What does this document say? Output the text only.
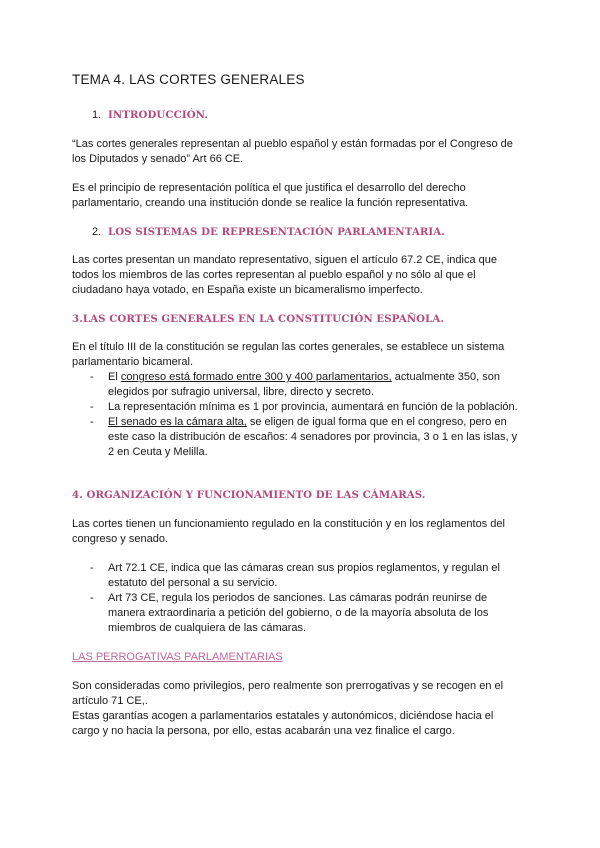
TEMA 4. LAS CORTES GENERALES
1. INTRODUCCIÓN.
“Las cortes generales representan al pueblo español y están formadas por el Congreso de
los Diputados y senado” Art 66 CE.
Es el principio de representación política el que justifica el desarrollo del derecho
parlamentario, creando una institución donde se realice la función representativa.
2. LOS SISTEMAS DE REPRESENTACIÓN PARLAMENTARIA.
Las cortes presentan un mandato representativo, siguen el artículo 67.2 CE, indica que
todos los miembros de las cortes representan al pueblo español y no sólo al que el
ciudadano haya votado, en España existe un bicameralismo imperfecto.
3.LAS CORTES GENERALES EN LA CONSTITUCIÓN ESPAÑOLA.
En el título III de la constitución se regulan las cortes generales, se establece un sistema
parlamentario bicameral.
- El congreso está formado entre 300 y 400 parlamentarios, actualmente 350, son
elegidos por sufragio universal, libre, directo y secreto.
- La representación mínima es 1 por provincia, aumentará en función de la población.
- El senado es la cámara alta, se eligen de igual forma que en el congreso, pero en
este caso la distribución de escaños: 4 senadores por provincia, 3 o 1 en las islas, y
2 en Ceuta y Melilla.
4. ORGANIZACIÓN Y FUNCIONAMIENTO DE LAS CÁMARAS.
Las cortes tienen un funcionamiento regulado en la constitución y en los reglamentos del
congreso y senado.
- Art 72.1 CE, indica que las cámaras crean sus propios reglamentos, y regulan el
estatuto del personal a su servicio.
- Art 73 CE, regula los periodos de sanciones. Las cámaras podrán reunirse de
manera extraordinaria a petición del gobierno, o de la mayoría absoluta de los
miembros de cualquiera de las cámaras.
LAS PERROGATIVAS PARLAMENTARIAS
Son consideradas como privilegios, pero realmente son prerrogativas y se recogen en el
artículo 71 CE,.
Estas garantías acogen a parlamentarios estatales y autonómicos, diciéndose hacia el
cargo y no hacia la persona, por ello, estas acabarán una vez finalice el cargo.
